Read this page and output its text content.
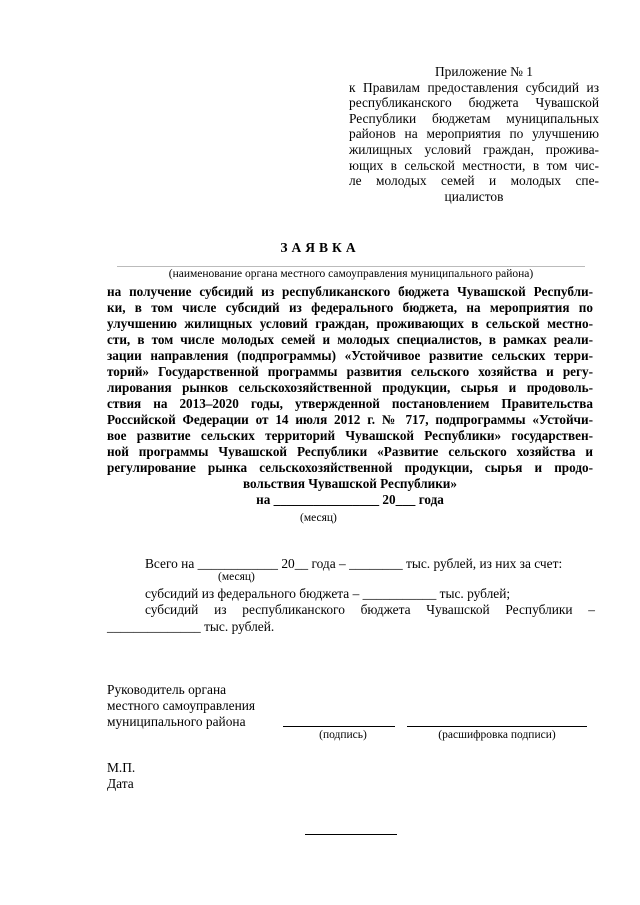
Приложение № 1
к Правилам предоставления субсидий из
республиканского бюджета Чувашской
Республики бюджетам муниципальных
районов на мероприятия по улучшению
жилищных условий граждан, прожива-
ющих в сельской местности, в том чис-
ле молодых семей и молодых спе-
циалистов
ЗАЯВКА
(наименование органа местного самоуправления муниципального района)
на получение субсидий из республиканского бюджета Чувашской Республи-
ки, в том числе субсидий из федерального бюджета, на мероприятия по
улучшению жилищных условий граждан, проживающих в сельской местно-
сти, в том числе молодых семей и молодых специалистов, в рамках реали-
зации направления (подпрограммы) «Устойчивое развитие сельских терри-
торий» Государственной программы развития сельского хозяйства и регу-
лирования рынков сельскохозяйственной продукции, сырья и продоволь-
ствия на 2013–2020 годы, утвержденной постановлением Правительства
Российской Федерации от 14 июля 2012 г. № 717, подпрограммы «Устойчи-
вое развитие сельских территорий Чувашской Республики» государствен-
ной программы Чувашской Республики «Развитие сельского хозяйства и
регулирование рынка сельскохозяйственной продукции, сырья и продо-
вольствия Чувашской Республики»
на ________________ 20___ года
(месяц)
Всего на ____________ 20__ года – ________ тыс. рублей, из них за счет:
(месяц)
субсидий из федерального бюджета – ___________ тыс. рублей;
субсидий из республиканского бюджета Чувашской Республики –
______________ тыс. рублей.
Руководитель органа
местного самоуправления
муниципального района
(подпись)	(расшифровка подписи)
М.П.
Дата
